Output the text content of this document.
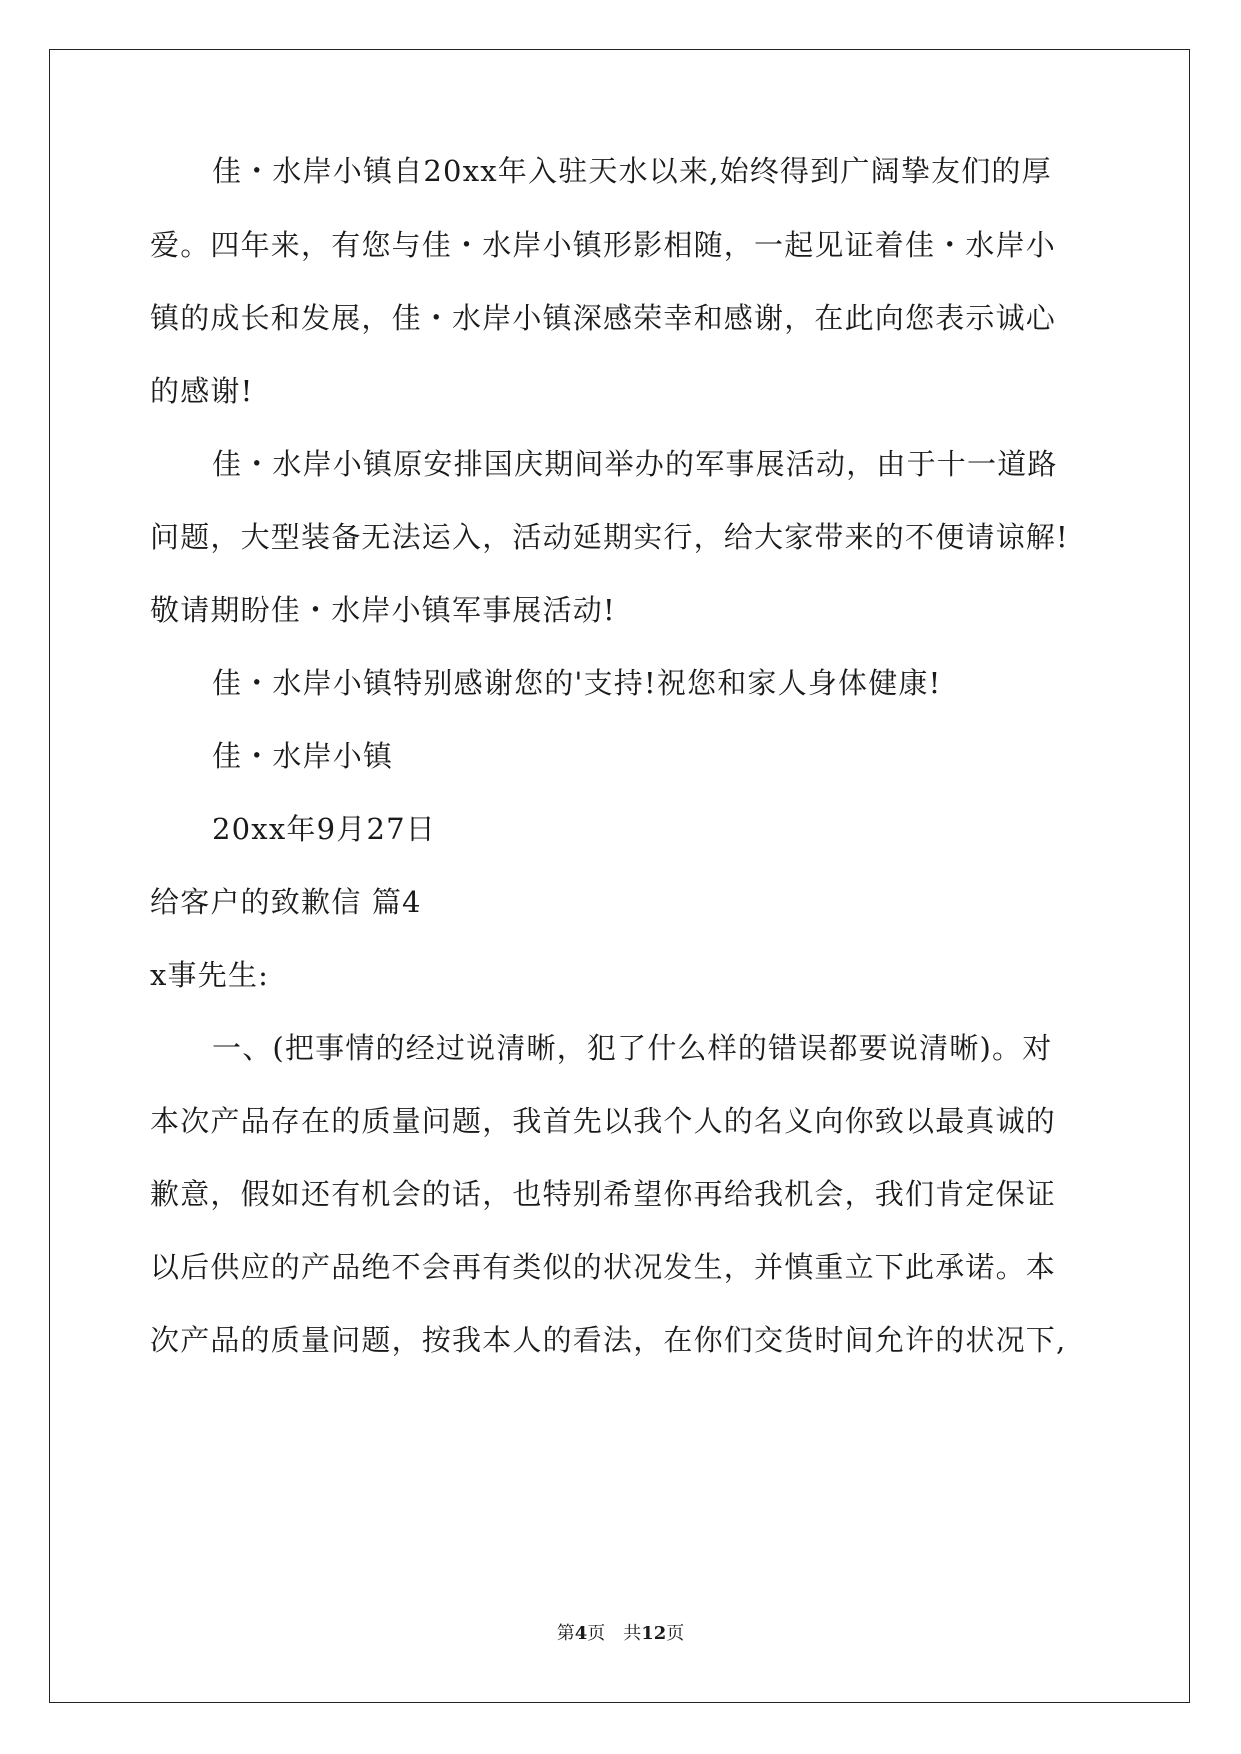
佳・水岸小镇自20xx年入驻天水以来,始终得到广阔挚友们的厚
爱。四年来，有您与佳・水岸小镇形影相随，一起见证着佳・水岸小
镇的成长和发展，佳・水岸小镇深感荣幸和感谢，在此向您表示诚心
的感谢!
佳・水岸小镇原安排国庆期间举办的军事展活动，由于十一道路
问题，大型装备无法运入，活动延期实行，给大家带来的不便请谅解!
敬请期盼佳・水岸小镇军事展活动!
佳・水岸小镇特别感谢您的'支持!祝您和家人身体健康!
佳・水岸小镇
20xx年9月27日
给客户的致歉信 篇4
x事先生:
一、(把事情的经过说清晰，犯了什么样的错误都要说清晰)。对
本次产品存在的质量问题，我首先以我个人的名义向你致以最真诚的
歉意，假如还有机会的话，也特别希望你再给我机会，我们肯定保证
以后供应的产品绝不会再有类似的状况发生，并慎重立下此承诺。本
次产品的质量问题，按我本人的看法，在你们交货时间允许的状况下,
第4页　共12页
